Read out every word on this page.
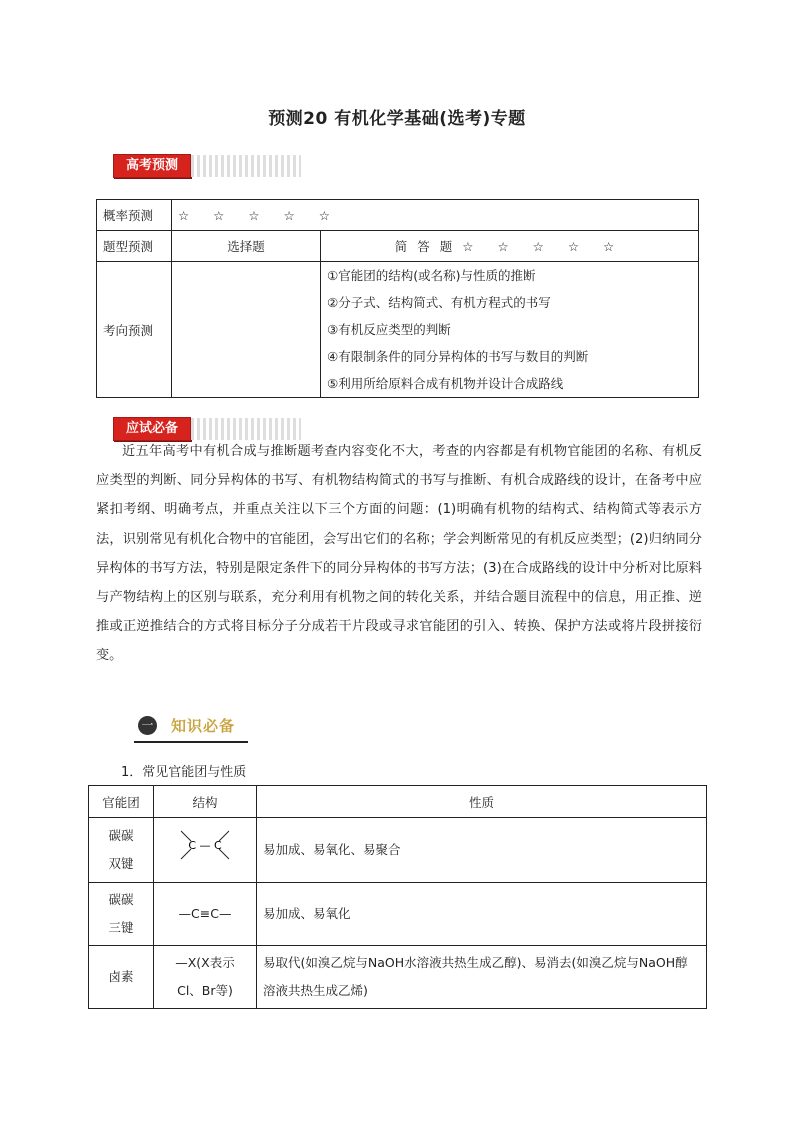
预测20 有机化学基础(选考)专题
高考预测
概率预测	☆ ☆ ☆ ☆ ☆	
题型预测	选择题	简答题☆ ☆ ☆ ☆ ☆
考向预测		①官能团的结构(或名称)与性质的推断
②分子式、结构简式、有机方程式的书写
③有机反应类型的判断
④有限制条件的同分异构体的书写与数目的判断
⑤利用所给原料合成有机物并设计合成路线
应试必备
近五年高考中有机合成与推断题考查内容变化不大，考查的内容都是有机物官能团的名称、有机反应类型的判断、同分异构体的书写、有机物结构简式的书写与推断、有机合成路线的设计，在备考中应紧扣考纲、明确考点，并重点关注以下三个方面的问题：(1)明确有机物的结构式、结构简式等表示方法，识别常见有机化合物中的官能团，会写出它们的名称；学会判断常见的有机反应类型；(2)归纳同分异构体的书写方法，特别是限定条件下的同分异构体的书写方法；(3)在合成路线的设计中分析对比原料与产物结构上的区别与联系，充分利用有机物之间的转化关系，并结合题目流程中的信息，用正推、逆推或正逆推结合的方式将目标分子分成若干片段或寻求官能团的引入、转换、保护方法或将片段拼接衍变。
一 知识必备
1．常见官能团与性质
官能团	结构	性质

碳碳
双键	C — C	易加成、易氧化、易聚合

碳碳
三键	—C≡C—	易加成、易氧化
卤素	—X(X表示
Cl、Br等)	易取代(如溴乙烷与NaOH水溶液共热生成乙醇)、易消去(如溴乙烷与NaOH醇溶液共热生成乙烯)
